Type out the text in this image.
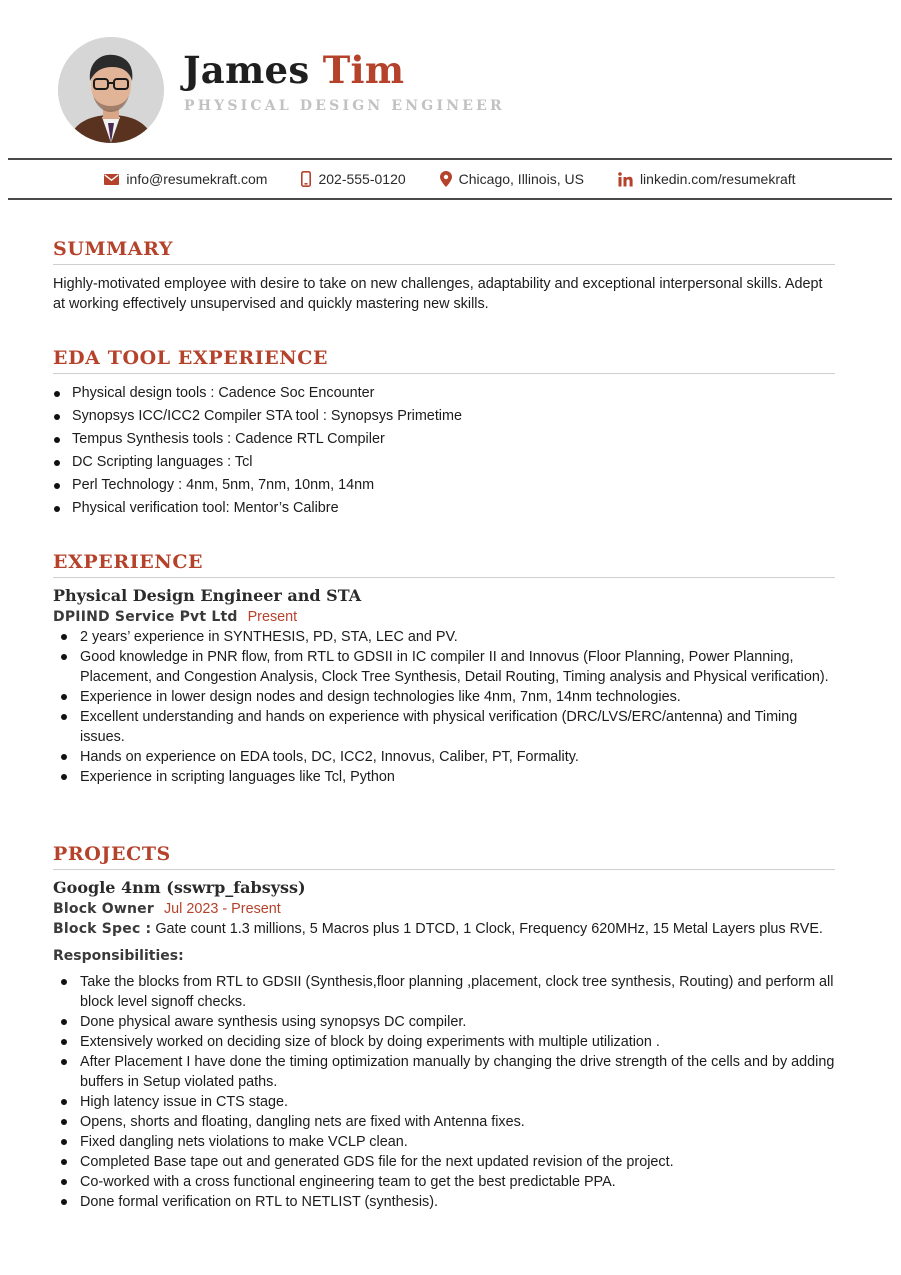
James Tim
PHYSICAL DESIGN ENGINEER
info@resumekraft.com	202-555-0120	Chicago, Illinois, US	linkedin.com/resumekraft
SUMMARY

Highly-motivated employee with desire to take on new challenges, adaptability and exceptional interpersonal skills. Adept at working effectively unsupervised and quickly mastering new skills.

EDA TOOL EXPERIENCE
Physical design tools : Cadence Soc Encounter
Synopsys ICC/ICC2 Compiler STA tool : Synopsys Primetime
Tempus Synthesis tools : Cadence RTL Compiler
DC Scripting languages : Tcl
Perl Technology : 4nm, 5nm, 7nm, 10nm, 14nm
Physical verification tool: Mentor’s Calibre
EXPERIENCE
Physical Design Engineer and STA
DPIIND Service Pvt Ltd Present
2 years’ experience in SYNTHESIS, PD, STA, LEC and PV.
Good knowledge in PNR flow, from RTL to GDSII in IC compiler II and Innovus (Floor Planning, Power Planning, Placement, and Congestion Analysis, Clock Tree Synthesis, Detail Routing, Timing analysis and Physical verification).
Experience in lower design nodes and design technologies like 4nm, 7nm, 14nm technologies.
Excellent understanding and hands on experience with physical verification (DRC/LVS/ERC/antenna) and Timing issues.
Hands on experience on EDA tools, DC, ICC2, Innovus, Caliber, PT, Formality.
Experience in scripting languages like Tcl, Python
PROJECTS
Google 4nm (sswrp_fabsyss)
Block Owner Jul 2023 - Present
Block Spec : Gate count 1.3 millions, 5 Macros plus 1 DTCD, 1 Clock, Frequency 620MHz, 15 Metal Layers plus RVE.
Responsibilities:
Take the blocks from RTL to GDSII (Synthesis,floor planning ,placement, clock tree synthesis, Routing) and perform all block level signoff checks.
Done physical aware synthesis using synopsys DC compiler.
Extensively worked on deciding size of block by doing experiments with multiple utilization .
After Placement I have done the timing optimization manually by changing the drive strength of the cells and by adding buffers in Setup violated paths.
High latency issue in CTS stage.
Opens, shorts and floating, dangling nets are fixed with Antenna fixes.
Fixed dangling nets violations to make VCLP clean.
Completed Base tape out and generated GDS file for the next updated revision of the project.
Co-worked with a cross functional engineering team to get the best predictable PPA.
Done formal verification on RTL to NETLIST (synthesis).
